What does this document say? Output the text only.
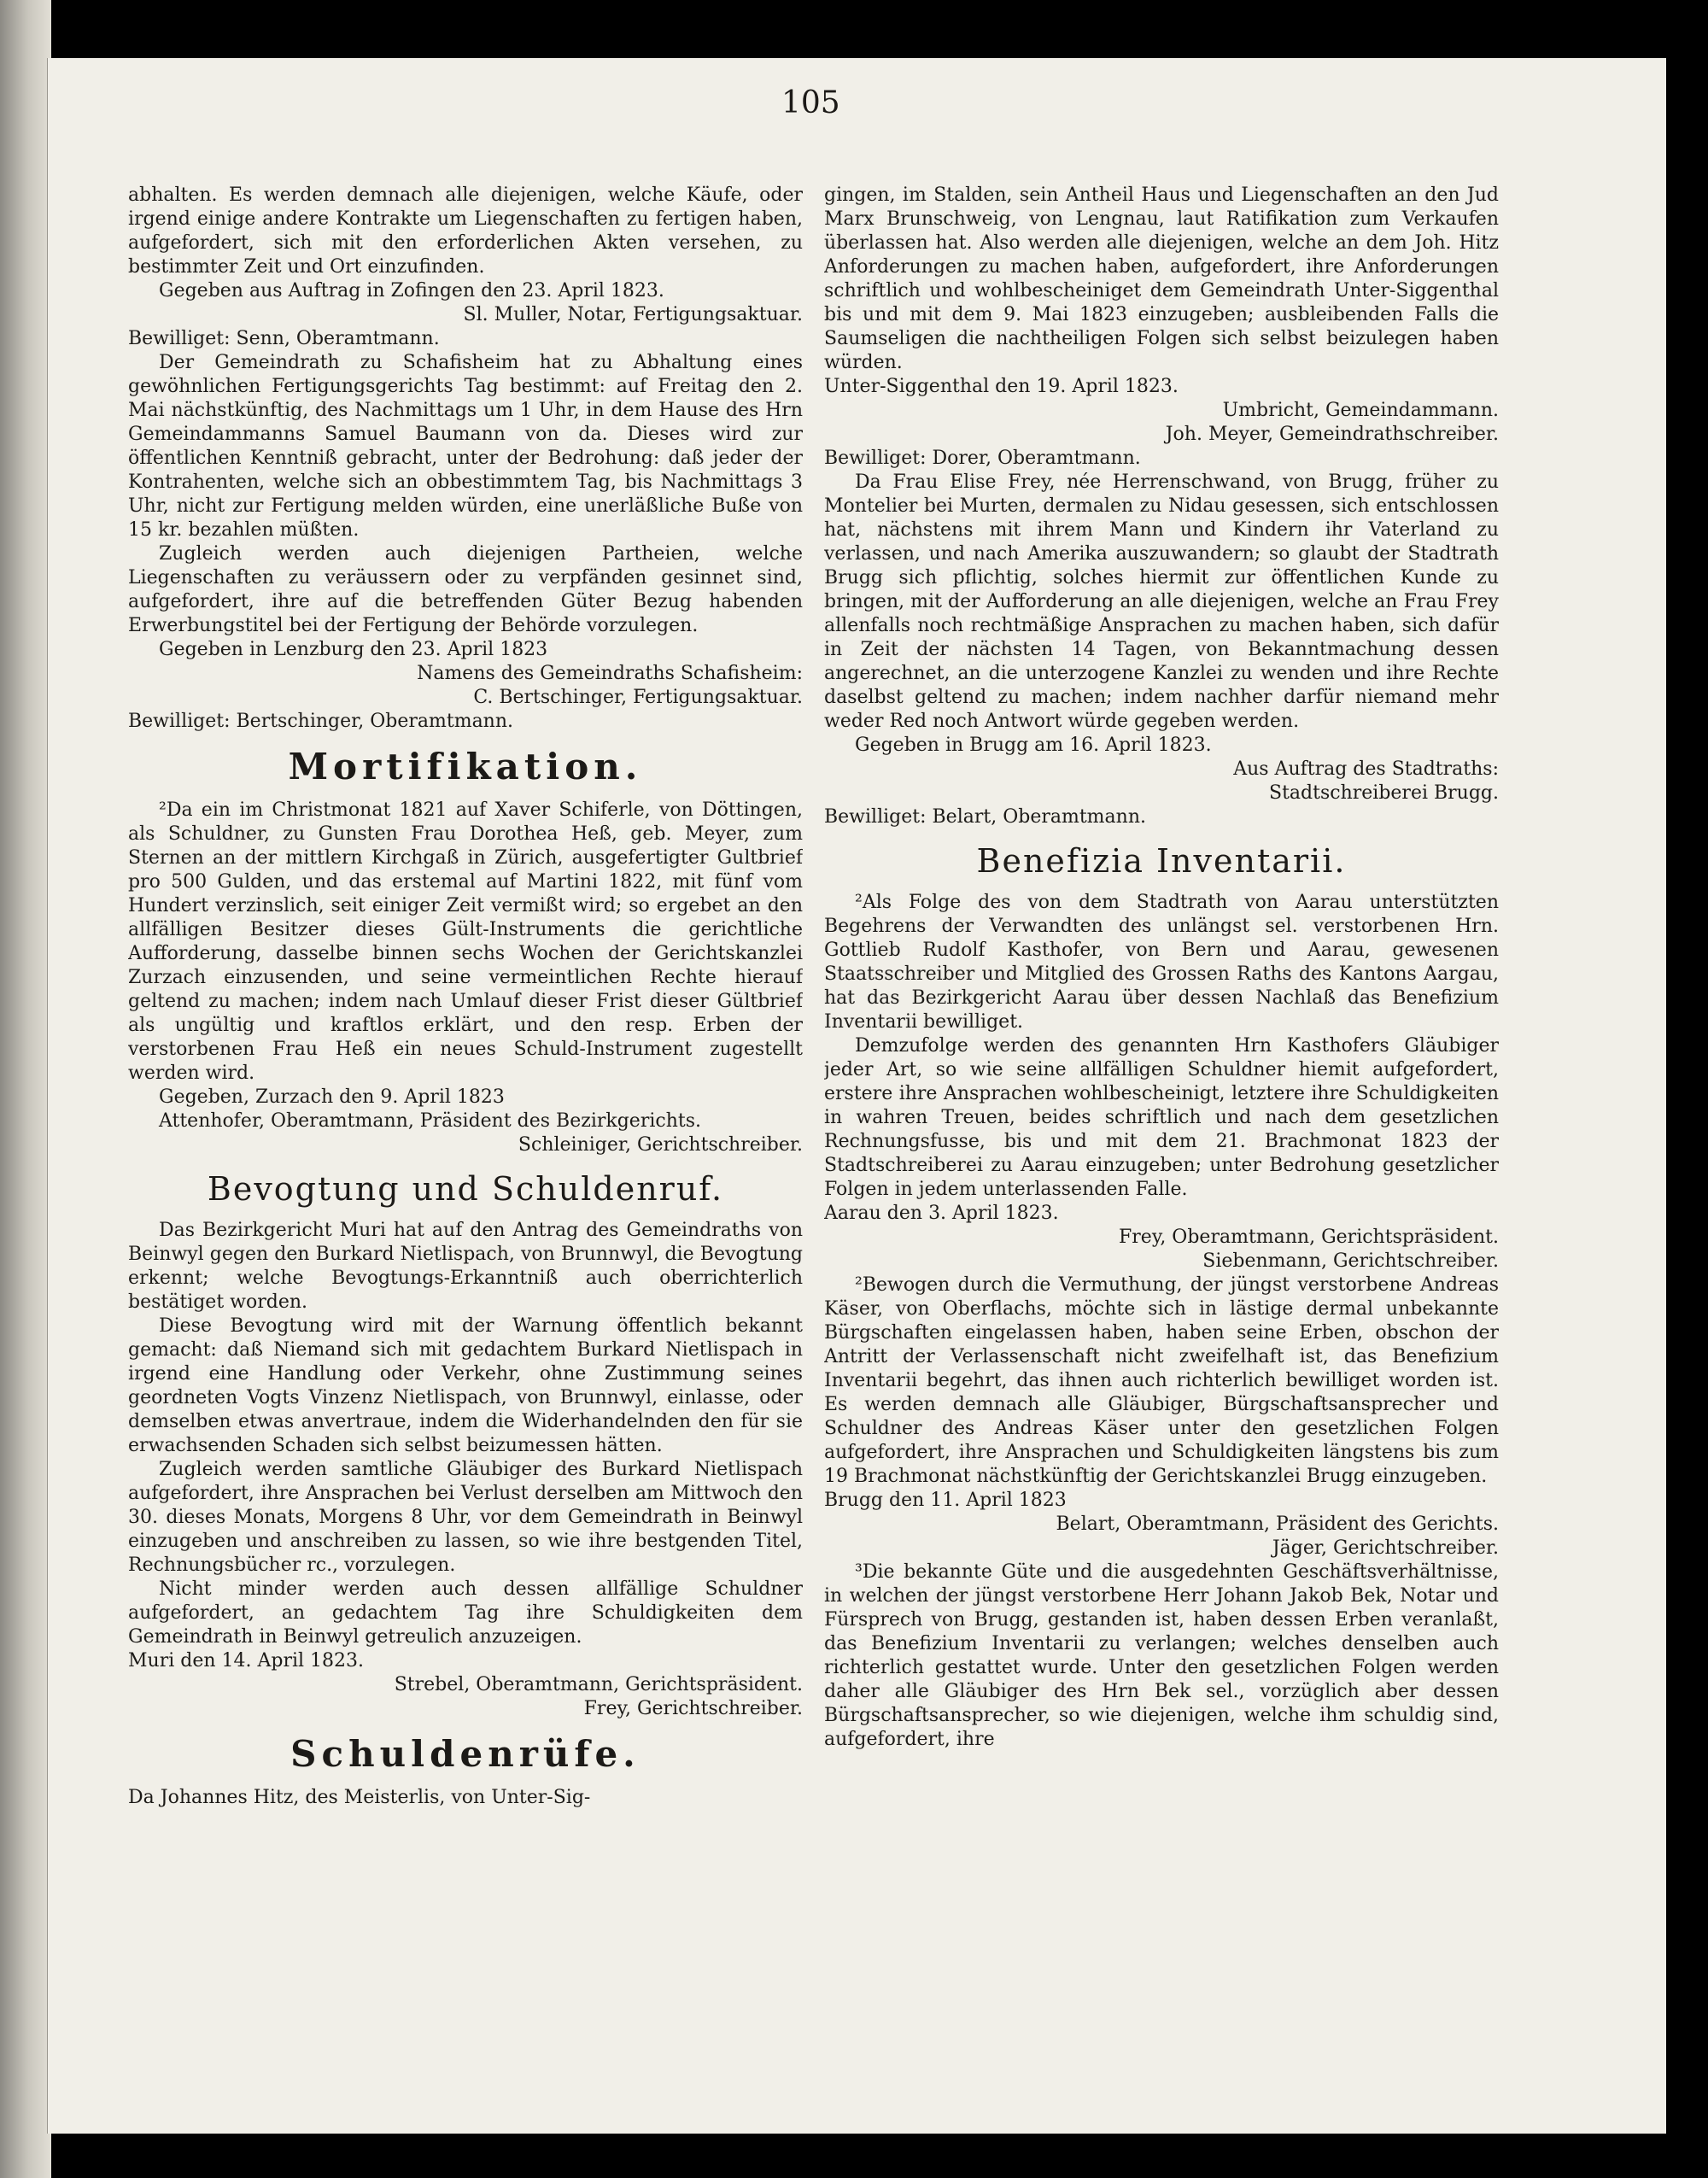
105

abhalten. Es werden demnach alle diejenigen, welche Käufe, oder irgend einige andere Kontrakte um Liegenschaften zu fertigen haben, aufgefordert, sich mit den erforderlichen Akten versehen, zu bestimmter Zeit und Ort einzufinden.

Gegeben aus Auftrag in Zofingen den 23. April 1823.

Sl. Muller, Notar, Fertigungsaktuar.

Bewilliget: Senn, Oberamtmann.

Der Gemeindrath zu Schafisheim hat zu Abhaltung eines gewöhnlichen Fertigungsgerichts Tag bestimmt: auf Freitag den 2. Mai nächstkünftig, des Nachmittags um 1 Uhr, in dem Hause des Hrn Gemeindammanns Samuel Baumann von da. Dieses wird zur öffentlichen Kenntniß gebracht, unter der Bedrohung: daß jeder der Kontrahenten, welche sich an obbestimmtem Tag, bis Nachmittags 3 Uhr, nicht zur Fertigung melden würden, eine unerläßliche Buße von 15 kr. bezahlen müßten.

Zugleich werden auch diejenigen Partheien, welche Liegenschaften zu veräussern oder zu verpfänden gesinnet sind, aufgefordert, ihre auf die betreffenden Güter Bezug habenden Erwerbungstitel bei der Fertigung der Behörde vorzulegen.

Gegeben in Lenzburg den 23. April 1823

Namens des Gemeindraths Schafisheim:

C. Bertschinger, Fertigungsaktuar.

Bewilliget: Bertschinger, Oberamtmann.

Mortifikation.

²Da ein im Christmonat 1821 auf Xaver Schiferle, von Döttingen, als Schuldner, zu Gunsten Frau Dorothea Heß, geb. Meyer, zum Sternen an der mittlern Kirchgaß in Zürich, ausgefertigter Gultbrief pro 500 Gulden, und das erstemal auf Martini 1822, mit fünf vom Hundert verzinslich, seit einiger Zeit vermißt wird; so ergebet an den allfälligen Besitzer dieses Gült-Instruments die gerichtliche Aufforderung, dasselbe binnen sechs Wochen der Gerichtskanzlei Zurzach einzusenden, und seine vermeintlichen Rechte hierauf geltend zu machen; indem nach Umlauf dieser Frist dieser Gültbrief als ungültig und kraftlos erklärt, und den resp. Erben der verstorbenen Frau Heß ein neues Schuld-Instrument zugestellt werden wird.

Gegeben, Zurzach den 9. April 1823

Attenhofer, Oberamtmann, Präsident des Bezirkgerichts.

Schleiniger, Gerichtschreiber.

Bevogtung und Schuldenruf.

Das Bezirkgericht Muri hat auf den Antrag des Gemeindraths von Beinwyl gegen den Burkard Nietlispach, von Brunnwyl, die Bevogtung erkennt; welche Bevogtungs-Erkanntniß auch oberrichterlich bestätiget worden.

Diese Bevogtung wird mit der Warnung öffentlich bekannt gemacht: daß Niemand sich mit gedachtem Burkard Nietlispach in irgend eine Handlung oder Verkehr, ohne Zustimmung seines geordneten Vogts Vinzenz Nietlispach, von Brunnwyl, einlasse, oder demselben etwas anvertraue, indem die Widerhandelnden den für sie erwachsenden Schaden sich selbst beizumessen hätten.

Zugleich werden samtliche Gläubiger des Burkard Nietlispach aufgefordert, ihre Ansprachen bei Verlust derselben am Mittwoch den 30. dieses Monats, Morgens 8 Uhr, vor dem Gemeindrath in Beinwyl einzugeben und anschreiben zu lassen, so wie ihre bestgenden Titel, Rechnungsbücher rc., vorzulegen.

Nicht minder werden auch dessen allfällige Schuldner aufgefordert, an gedachtem Tag ihre Schuldigkeiten dem Gemeindrath in Beinwyl getreulich anzuzeigen.

Muri den 14. April 1823.

Strebel, Oberamtmann, Gerichtspräsident.

Frey, Gerichtschreiber.

Schuldenrüfe.

Da Johannes Hitz, des Meisterlis, von Unter-Sig-

gingen, im Stalden, sein Antheil Haus und Liegenschaften an den Jud Marx Brunschweig, von Lengnau, laut Ratifikation zum Verkaufen überlassen hat. Also werden alle diejenigen, welche an dem Joh. Hitz Anforderungen zu machen haben, aufgefordert, ihre Anforderungen schriftlich und wohlbescheiniget dem Gemeindrath Unter-Siggenthal bis und mit dem 9. Mai 1823 einzugeben; ausbleibenden Falls die Saumseligen die nachtheiligen Folgen sich selbst beizulegen haben würden.

Unter-Siggenthal den 19. April 1823.

Umbricht, Gemeindammann.

Joh. Meyer, Gemeindrathschreiber.

Bewilliget: Dorer, Oberamtmann.

Da Frau Elise Frey, née Herrenschwand, von Brugg, früher zu Montelier bei Murten, dermalen zu Nidau gesessen, sich entschlossen hat, nächstens mit ihrem Mann und Kindern ihr Vaterland zu verlassen, und nach Amerika auszuwandern; so glaubt der Stadtrath Brugg sich pflichtig, solches hiermit zur öffentlichen Kunde zu bringen, mit der Aufforderung an alle diejenigen, welche an Frau Frey allenfalls noch rechtmäßige Ansprachen zu machen haben, sich dafür in Zeit der nächsten 14 Tagen, von Bekanntmachung dessen angerechnet, an die unterzogene Kanzlei zu wenden und ihre Rechte daselbst geltend zu machen; indem nachher darfür niemand mehr weder Red noch Antwort würde gegeben werden.

Gegeben in Brugg am 16. April 1823.

Aus Auftrag des Stadtraths:

Stadtschreiberei Brugg.

Bewilliget: Belart, Oberamtmann.

Benefizia Inventarii.

²Als Folge des von dem Stadtrath von Aarau unterstützten Begehrens der Verwandten des unlängst sel. verstorbenen Hrn. Gottlieb Rudolf Kasthofer, von Bern und Aarau, gewesenen Staatsschreiber und Mitglied des Grossen Raths des Kantons Aargau, hat das Bezirkgericht Aarau über dessen Nachlaß das Benefizium Inventarii bewilliget.

Demzufolge werden des genannten Hrn Kasthofers Gläubiger jeder Art, so wie seine allfälligen Schuldner hiemit aufgefordert, erstere ihre Ansprachen wohlbescheinigt, letztere ihre Schuldigkeiten in wahren Treuen, beides schriftlich und nach dem gesetzlichen Rechnungsfusse, bis und mit dem 21. Brachmonat 1823 der Stadtschreiberei zu Aarau einzugeben; unter Bedrohung gesetzlicher Folgen in jedem unterlassenden Falle.

Aarau den 3. April 1823.

Frey, Oberamtmann, Gerichtspräsident.

Siebenmann, Gerichtschreiber.

²Bewogen durch die Vermuthung, der jüngst verstorbene Andreas Käser, von Oberflachs, möchte sich in lästige dermal unbekannte Bürgschaften eingelassen haben, haben seine Erben, obschon der Antritt der Verlassenschaft nicht zweifelhaft ist, das Benefizium Inventarii begehrt, das ihnen auch richterlich bewilliget worden ist. Es werden demnach alle Gläubiger, Bürgschaftsansprecher und Schuldner des Andreas Käser unter den gesetzlichen Folgen aufgefordert, ihre Ansprachen und Schuldigkeiten längstens bis zum 19 Brachmonat nächstkünftig der Gerichtskanzlei Brugg einzugeben.

Brugg den 11. April 1823

Belart, Oberamtmann, Präsident des Gerichts.

Jäger, Gerichtschreiber.

³Die bekannte Güte und die ausgedehnten Geschäftsverhältnisse, in welchen der jüngst verstorbene Herr Johann Jakob Bek, Notar und Fürsprech von Brugg, gestanden ist, haben dessen Erben veranlaßt, das Benefizium Inventarii zu verlangen; welches denselben auch richterlich gestattet wurde. Unter den gesetzlichen Folgen werden daher alle Gläubiger des Hrn Bek sel., vorzüglich aber dessen Bürgschaftsansprecher, so wie diejenigen, welche ihm schuldig sind, aufgefordert, ihre
